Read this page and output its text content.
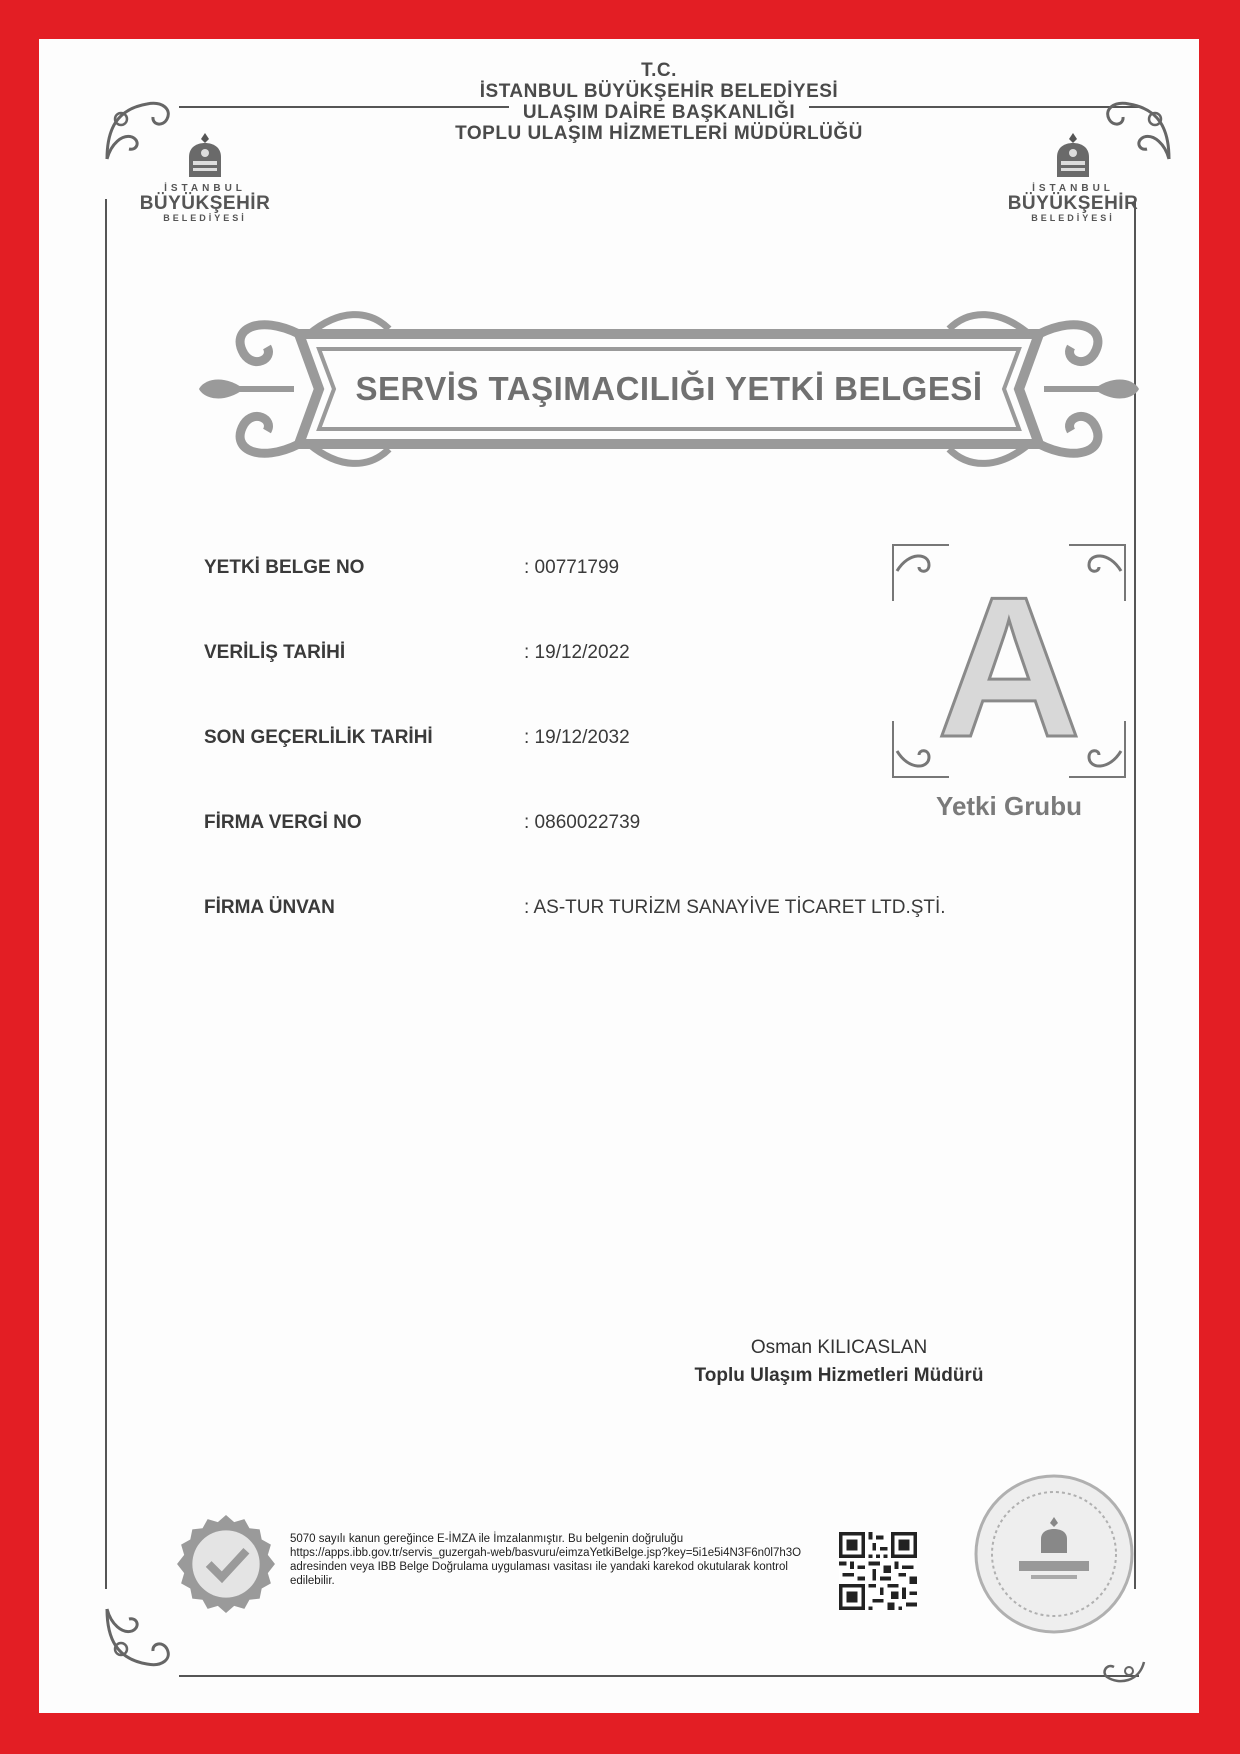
T.C.
İSTANBUL BÜYÜKŞEHİR BELEDİYESİ
ULAŞIM DAİRE BAŞKANLIĞI
TOPLU ULAŞIM HİZMETLERİ MÜDÜRLÜĞÜ
İSTANBUL
BÜYÜKŞEHİR
BELEDİYESİ
İSTANBUL
BÜYÜKŞEHİR
BELEDİYESİ
SERVİS TAŞIMACILIĞI YETKİ BELGESİ
YETKİ BELGE NO	: 00771799
VERİLİŞ TARİHİ	: 19/12/2022
SON GEÇERLİLİK TARİHİ	: 19/12/2032
FİRMA VERGİ NO	: 0860022739
FİRMA ÜNVAN	: AS-TUR TURİZM SANAYİVE TİCARET LTD.ŞTİ.
A
Yetki Grubu
Osman KILICASLAN
Toplu Ulaşım Hizmetleri Müdürü
5070 sayılı kanun gereğince E-İMZA ile İmzalanmıştır. Bu belgenin doğruluğu https://apps.ibb.gov.tr/servis_guzergah-web/basvuru/eimzaYetkiBelge.jsp?key=5i1e5i4N3F6n0l7h3O adresinden veya IBB Belge Doğrulama uygulaması vasitası ile yandaki karekod okutularak kontrol edilebilir.
